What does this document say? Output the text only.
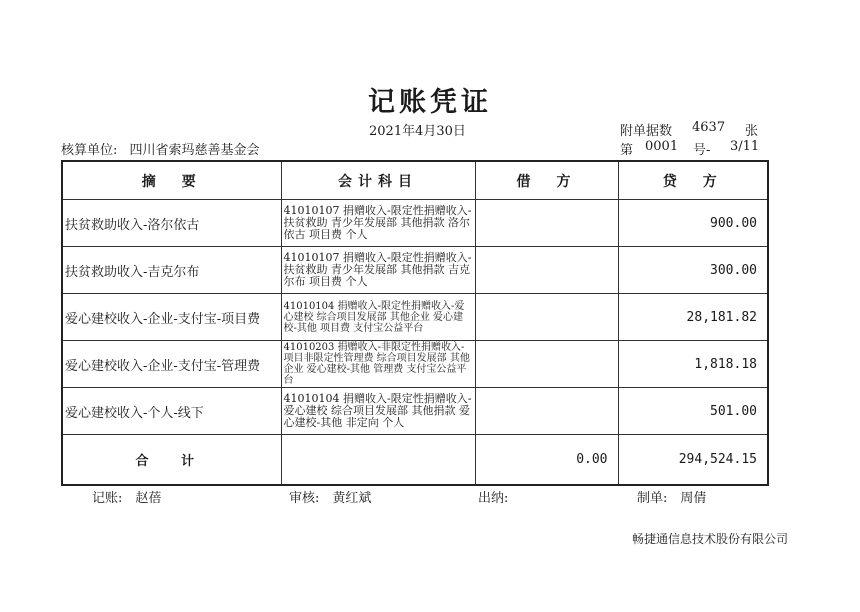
记账凭证
2021年4月30日	附单据数 4637 张
核算单位: 四川省索玛慈善基金会	第 0001 号- 3/11
摘　要	会计科目	借　方	贷　方
扶贫救助收入-洛尔依古	41010107 捐赠收入-限定性捐赠收入-扶贫救助 青少年发展部 其他捐款 洛尔依古 项目费 个人		900.00
扶贫救助收入-吉克尔布	41010107 捐赠收入-限定性捐赠收入-扶贫救助 青少年发展部 其他捐款 吉克尔布 项目费 个人		300.00
爱心建校收入-企业-支付宝-项目费	41010104 捐赠收入-限定性捐赠收入-爱心建校 综合项目发展部 其他企业 爱心建校-其他 项目费 支付宝公益平台		28,181.82
爱心建校收入-企业-支付宝-管理费	41010203 捐赠收入-非限定性捐赠收入-项目非限定性管理费 综合项目发展部 其他企业 爱心建校-其他 管理费 支付宝公益平台		1,818.18
爱心建校收入-个人-线下	41010104 捐赠收入-限定性捐赠收入-爱心建校 综合项目发展部 其他捐款 爱心建校-其他 非定向 个人		501.00
合 计		0.00	294,524.15
记账:　赵蓓	审核:　黄红斌	出纳:	制单:　周倩
畅捷通信息技术股份有限公司
